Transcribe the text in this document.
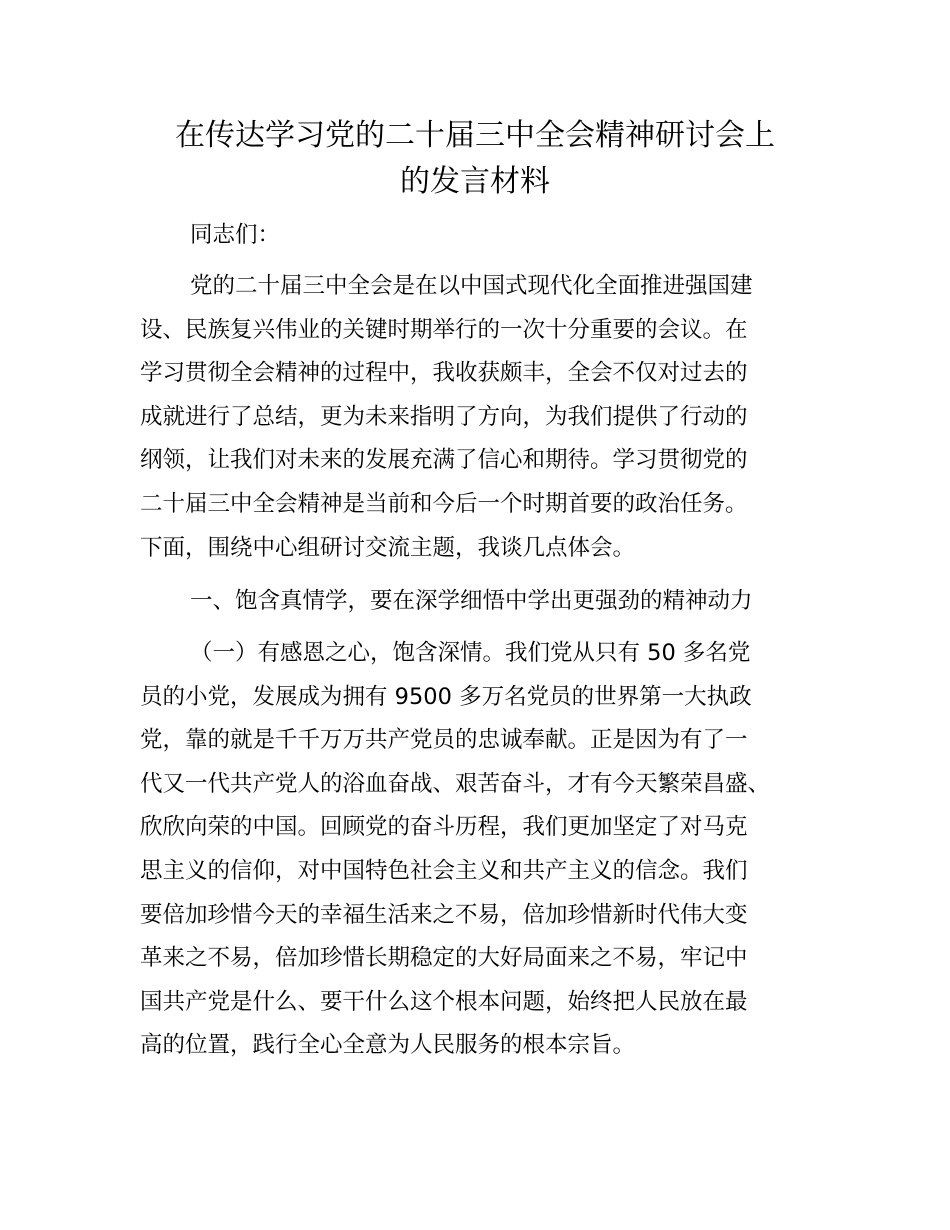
在传达学习党的二十届三中全会精神研讨会上
的发言材料

同志们：

党的二十届三中全会是在以中国式现代化全面推进强国建
设、民族复兴伟业的关键时期举行的一次十分重要的会议。在
学习贯彻全会精神的过程中，我收获颇丰，全会不仅对过去的
成就进行了总结，更为未来指明了方向，为我们提供了行动的
纲领，让我们对未来的发展充满了信心和期待。学习贯彻党的
二十届三中全会精神是当前和今后一个时期首要的政治任务。
下面，围绕中心组研讨交流主题，我谈几点体会。

一、饱含真情学，要在深学细悟中学出更强劲的精神动力

（一）有感恩之心，饱含深情。我们党从只有 50 多名党
员的小党，发展成为拥有 9500 多万名党员的世界第一大执政
党，靠的就是千千万万共产党员的忠诚奉献。正是因为有了一
代又一代共产党人的浴血奋战、艰苦奋斗，才有今天繁荣昌盛、
欣欣向荣的中国。回顾党的奋斗历程，我们更加坚定了对马克
思主义的信仰，对中国特色社会主义和共产主义的信念。我们
要倍加珍惜今天的幸福生活来之不易，倍加珍惜新时代伟大变
革来之不易，倍加珍惜长期稳定的大好局面来之不易，牢记中
国共产党是什么、要干什么这个根本问题，始终把人民放在最
高的位置，践行全心全意为人民服务的根本宗旨。
